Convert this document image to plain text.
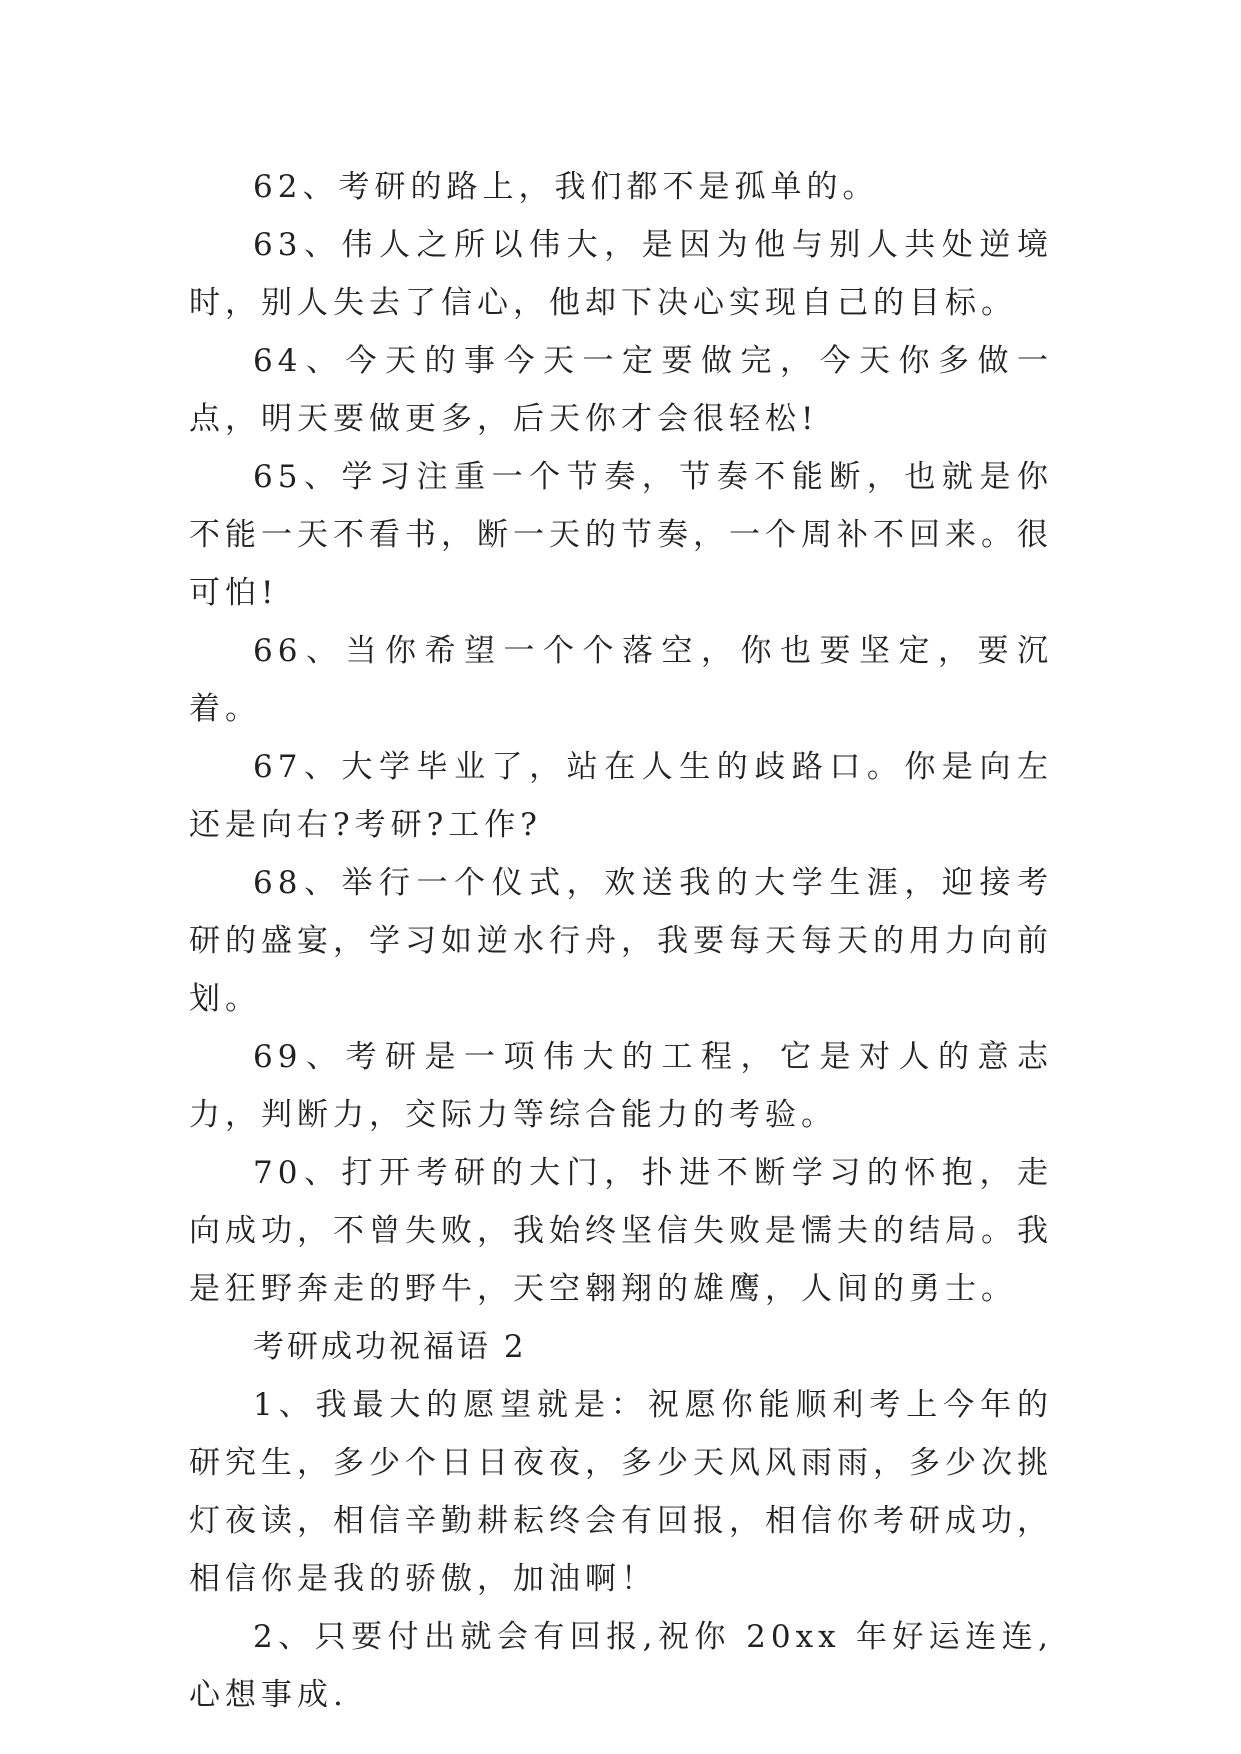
62、考研的路上，我们都不是孤单的。

63、伟人之所以伟大，是因为他与别人共处逆境时，别人失去了信心，他却下决心实现自己的目标。

64、今天的事今天一定要做完，今天你多做一点，明天要做更多，后天你才会很轻松!

65、学习注重一个节奏，节奏不能断，也就是你不能一天不看书，断一天的节奏，一个周补不回来。很可怕!

66、当你希望一个个落空，你也要坚定，要沉着。

67、大学毕业了，站在人生的歧路口。你是向左还是向右?考研?工作?

68、举行一个仪式，欢送我的大学生涯，迎接考研的盛宴，学习如逆水行舟，我要每天每天的用力向前划。

69、考研是一项伟大的工程，它是对人的意志力，判断力，交际力等综合能力的考验。

70、打开考研的大门，扑进不断学习的怀抱，走向成功，不曾失败，我始终坚信失败是懦夫的结局。我是狂野奔走的野牛，天空翱翔的雄鹰，人间的勇士。

考研成功祝福语 2

1、我最大的愿望就是：祝愿你能顺利考上今年的研究生，多少个日日夜夜，多少天风风雨雨，多少次挑灯夜读，相信辛勤耕耘终会有回报，相信你考研成功，相信你是我的骄傲，加油啊！

2、只要付出就会有回报,祝你 20xx 年好运连连,心想事成.
